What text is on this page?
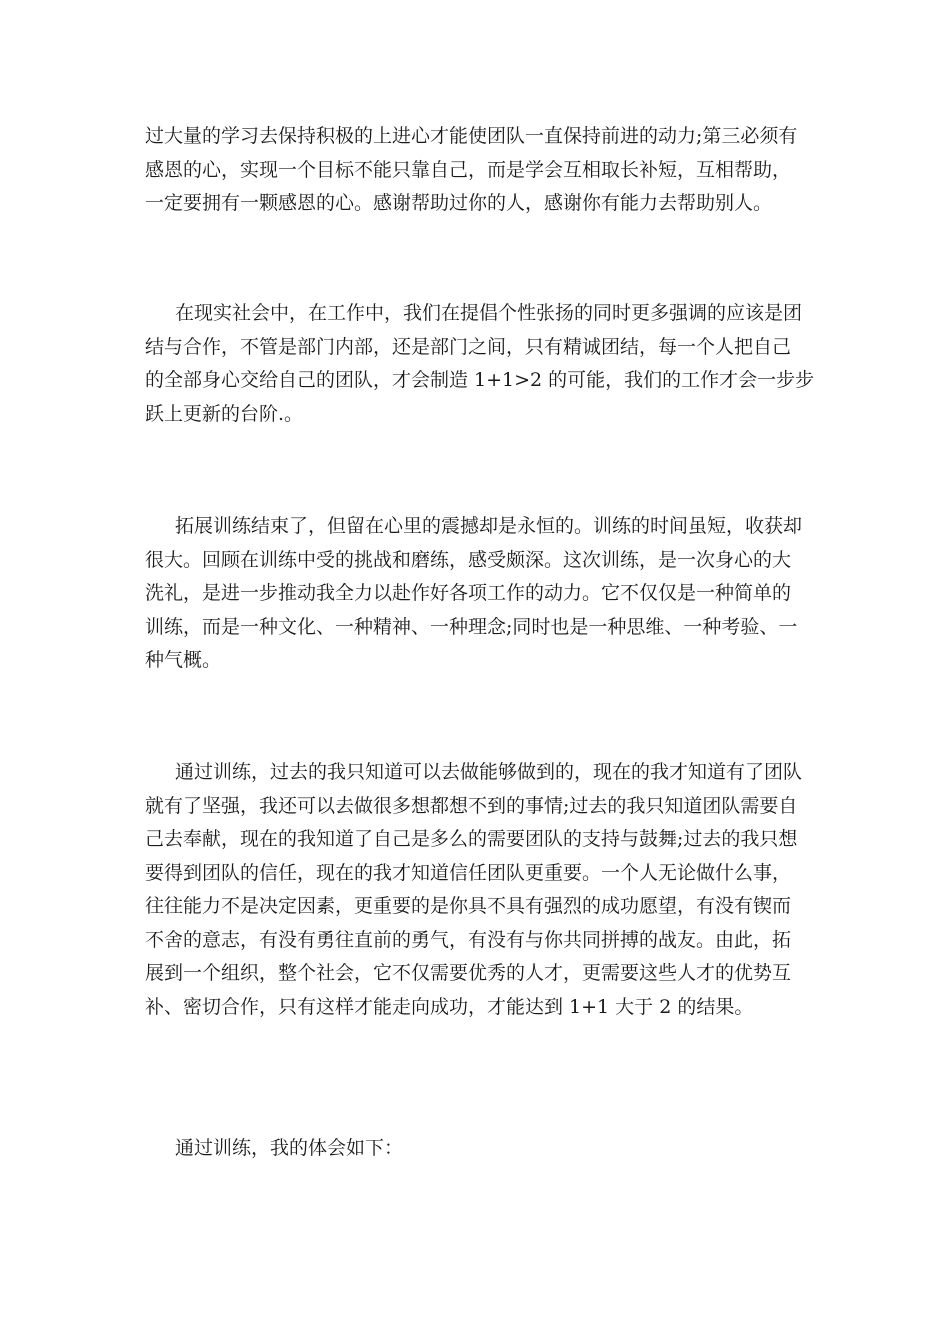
过大量的学习去保持积极的上进心才能使团队一直保持前进的动力;第三必须有
感恩的心，实现一个目标不能只靠自己，而是学会互相取长补短，互相帮助，
一定要拥有一颗感恩的心。感谢帮助过你的人，感谢你有能力去帮助别人。
在现实社会中，在工作中，我们在提倡个性张扬的同时更多强调的应该是团
结与合作，不管是部门内部，还是部门之间，只有精诚团结，每一个人把自己
的全部身心交给自己的团队，才会制造 1+1>2 的可能，我们的工作才会一步步
跃上更新的台阶.。
拓展训练结束了，但留在心里的震撼却是永恒的。训练的时间虽短，收获却
很大。回顾在训练中受的挑战和磨练，感受颇深。这次训练，是一次身心的大
洗礼，是进一步推动我全力以赴作好各项工作的动力。它不仅仅是一种简单的
训练，而是一种文化、一种精神、一种理念;同时也是一种思维、一种考验、一
种气概。
通过训练，过去的我只知道可以去做能够做到的，现在的我才知道有了团队
就有了坚强，我还可以去做很多想都想不到的事情;过去的我只知道团队需要自
己去奉献，现在的我知道了自己是多么的需要团队的支持与鼓舞;过去的我只想
要得到团队的信任，现在的我才知道信任团队更重要。一个人无论做什么事，
往往能力不是决定因素，更重要的是你具不具有强烈的成功愿望，有没有锲而
不舍的意志，有没有勇往直前的勇气，有没有与你共同拼搏的战友。由此，拓
展到一个组织，整个社会，它不仅需要优秀的人才，更需要这些人才的优势互
补、密切合作，只有这样才能走向成功，才能达到 1+1 大于 2 的结果。
通过训练，我的体会如下：
